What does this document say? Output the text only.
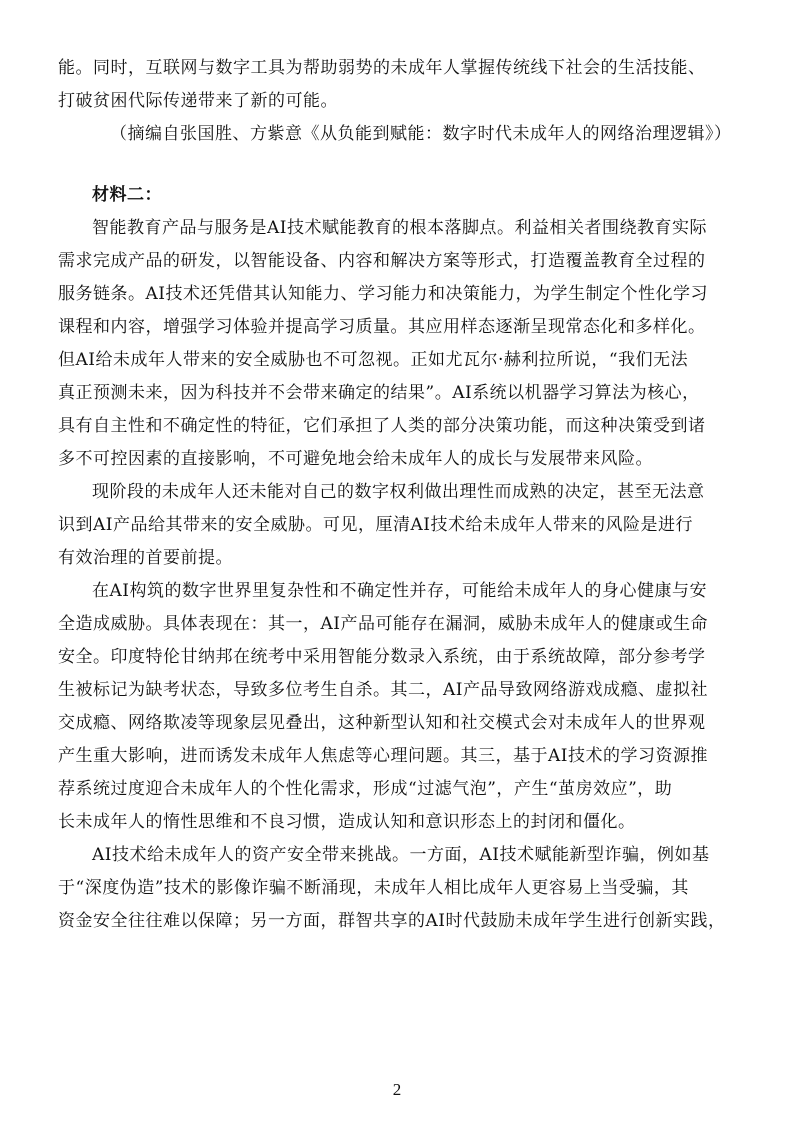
能。同时，互联网与数字工具为帮助弱势的未成年人掌握传统线下社会的生活技能、
打破贫困代际传递带来了新的可能。
（摘编自张国胜、方紫意《从负能到赋能：数字时代未成年人的网络治理逻辑》）
材料二：
智能教育产品与服务是AI技术赋能教育的根本落脚点。利益相关者围绕教育实际
需求完成产品的研发，以智能设备、内容和解决方案等形式，打造覆盖教育全过程的
服务链条。AI技术还凭借其认知能力、学习能力和决策能力，为学生制定个性化学习
课程和内容，增强学习体验并提高学习质量。其应用样态逐渐呈现常态化和多样化。
但AI给未成年人带来的安全威胁也不可忽视。正如尤瓦尔·赫利拉所说，“我们无法
真正预测未来，因为科技并不会带来确定的结果”。AI系统以机器学习算法为核心，
具有自主性和不确定性的特征，它们承担了人类的部分决策功能，而这种决策受到诸
多不可控因素的直接影响，不可避免地会给未成年人的成长与发展带来风险。
现阶段的未成年人还未能对自己的数字权利做出理性而成熟的决定，甚至无法意
识到AI产品给其带来的安全威胁。可见，厘清AI技术给未成年人带来的风险是进行
有效治理的首要前提。
在AI构筑的数字世界里复杂性和不确定性并存，可能给未成年人的身心健康与安
全造成威胁。具体表现在：其一，AI产品可能存在漏洞，威胁未成年人的健康或生命
安全。印度特伦甘纳邦在统考中采用智能分数录入系统，由于系统故障，部分参考学
生被标记为缺考状态，导致多位考生自杀。其二，AI产品导致网络游戏成瘾、虚拟社
交成瘾、网络欺凌等现象层见叠出，这种新型认知和社交模式会对未成年人的世界观
产生重大影响，进而诱发未成年人焦虑等心理问题。其三，基于AI技术的学习资源推
荐系统过度迎合未成年人的个性化需求，形成“过滤气泡”，产生“茧房效应”，助
长未成年人的惰性思维和不良习惯，造成认知和意识形态上的封闭和僵化。
AI技术给未成年人的资产安全带来挑战。一方面，AI技术赋能新型诈骗，例如基
于“深度伪造”技术的影像诈骗不断涌现，未成年人相比成年人更容易上当受骗，其
资金安全往往难以保障；另一方面，群智共享的AI时代鼓励未成年学生进行创新实践，
2
